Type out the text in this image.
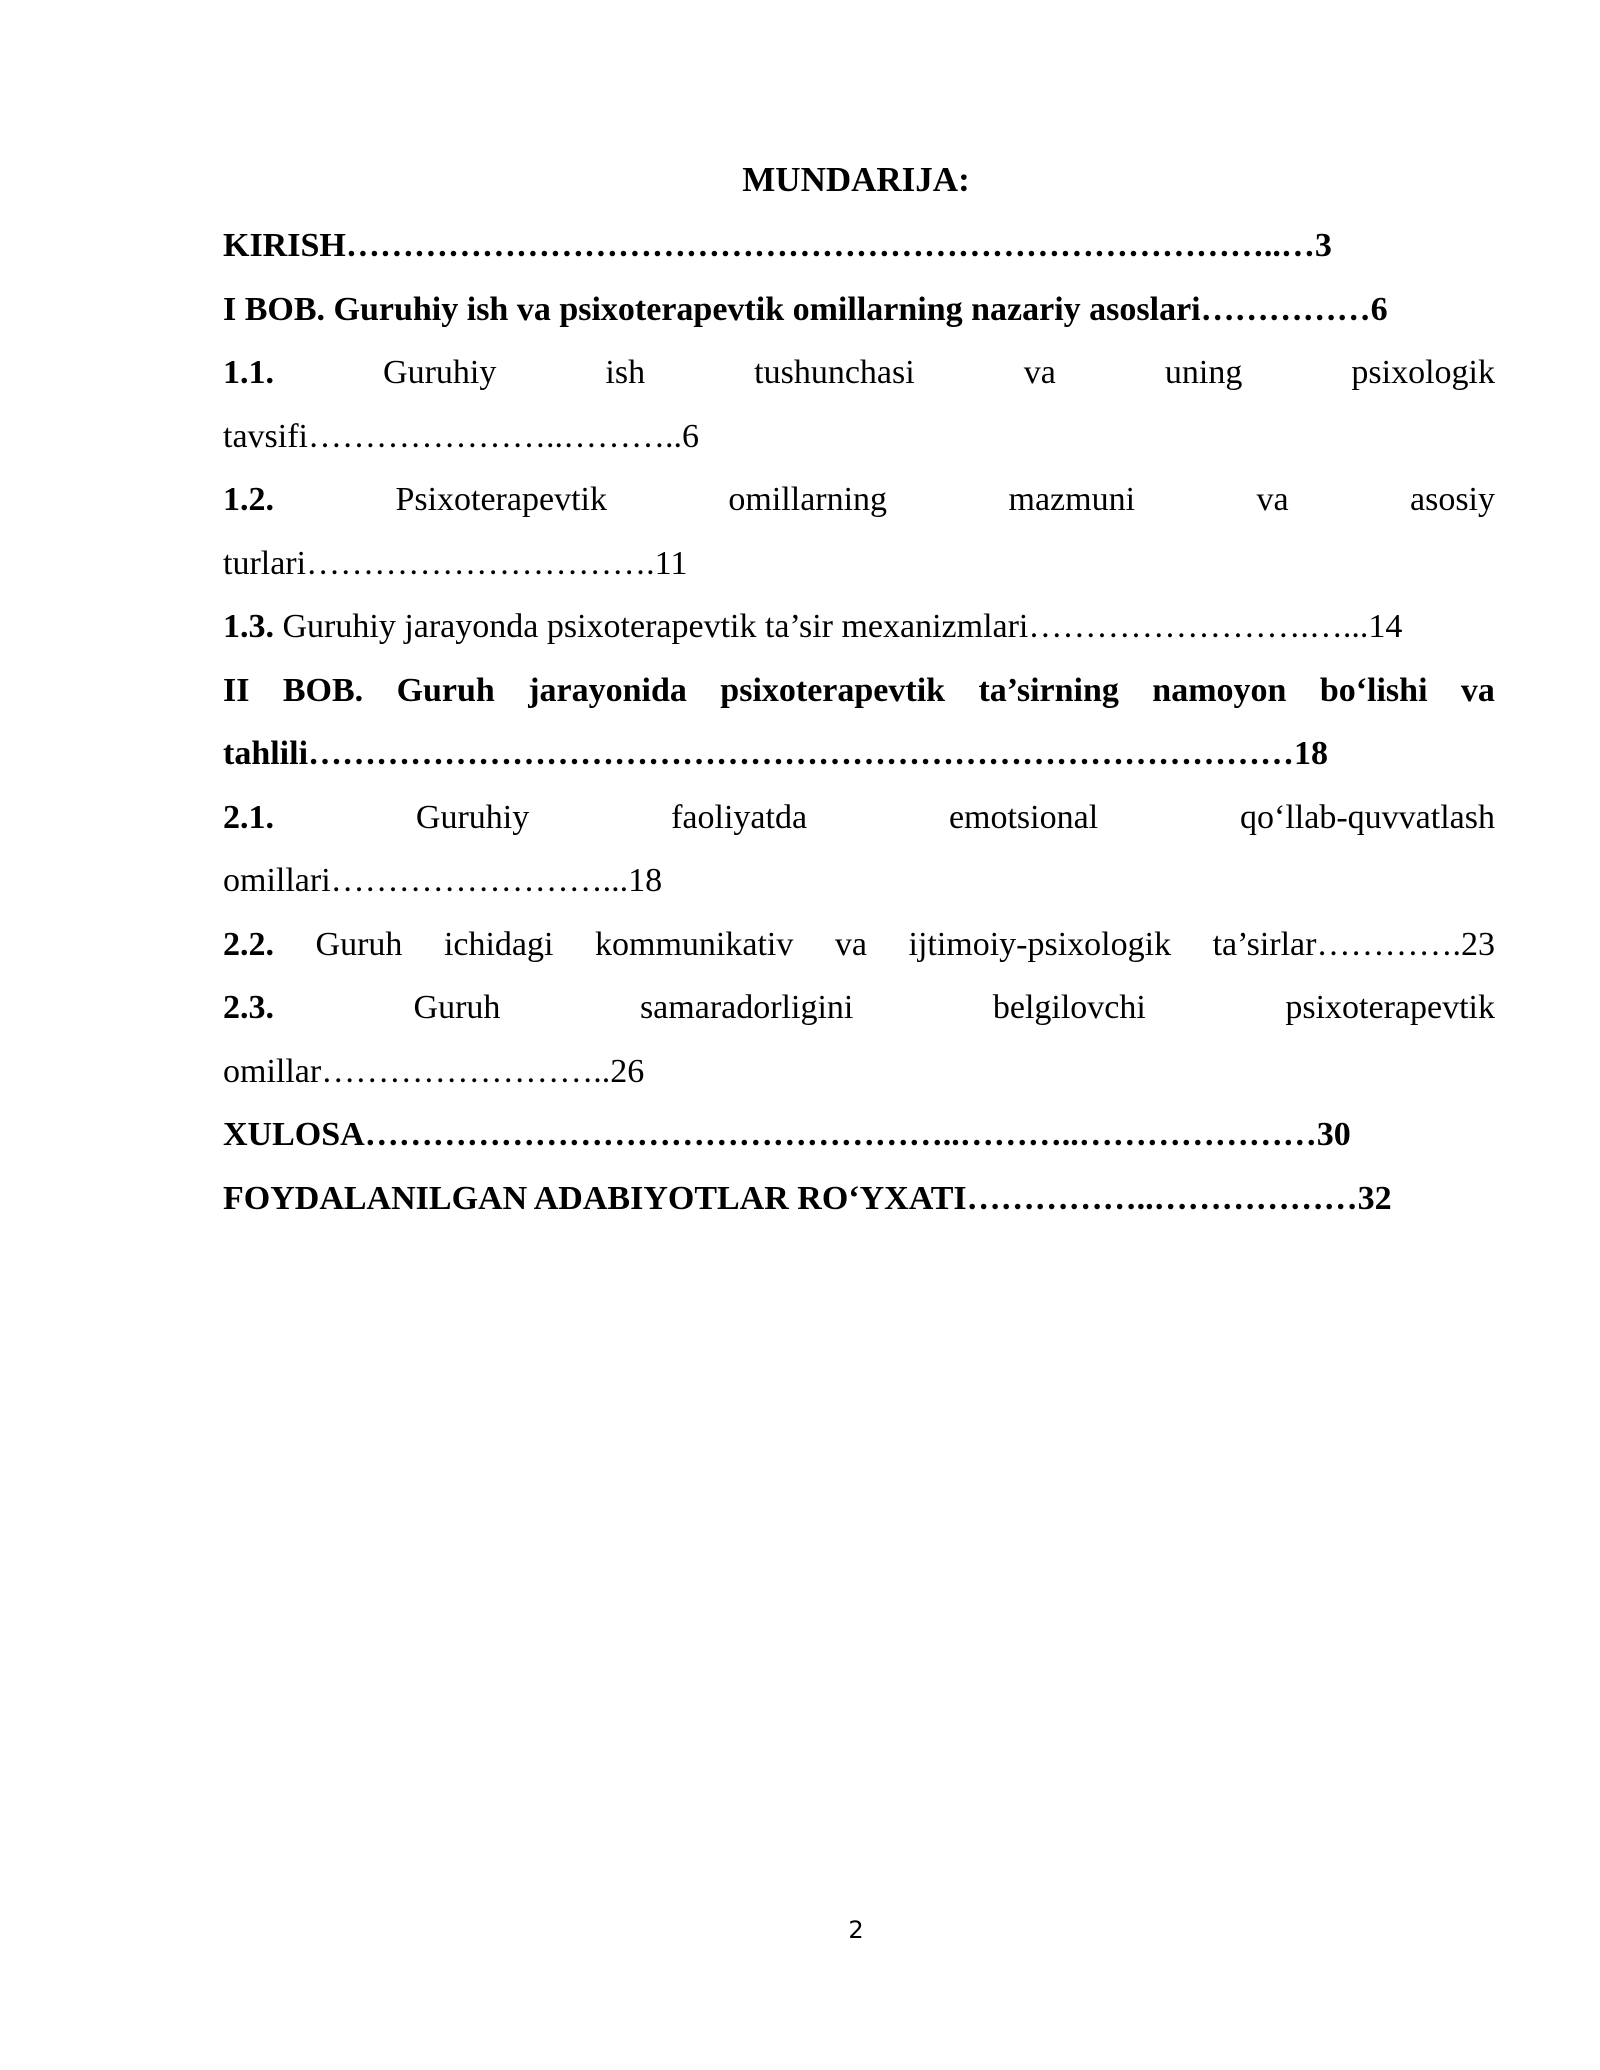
MUNDARIJA:
KIRISH………………………………………………………………………..…3
I BOB. Guruhiy ish va psixoterapevtik omillarning nazariy asoslari……………6
1.1.	Guruhiy	ish	tushunchasi	va	uning	psixologik
tavsifi…………………..………..6
1.2.	Psixoterapevtik	omillarning	mazmuni	va	asosiy
turlari………………………….11
1.3. Guruhiy jarayonda psixoterapevtik ta’sir mexanizmlari…………………….…...14
II BOB. Guruh jarayonida psixoterapevtik ta’sirning namoyon bo‘lishi va
tahlili……………………………………………………………………………18
2.1.	Guruhiy	faoliyatda	emotsional	qo‘llab-quvvatlash
omillari……………………...18
2.2. Guruh ichidagi kommunikativ va ijtimoiy-psixologik ta’sirlar………….23
2.3.	Guruh	samaradorligini	belgilovchi	psixoterapevtik
omillar……………………..26
XULOSA……………………………………………..………..…………………30
FOYDALANILGAN ADABIYOTLAR RO‘YXATI……………..………………32
2
